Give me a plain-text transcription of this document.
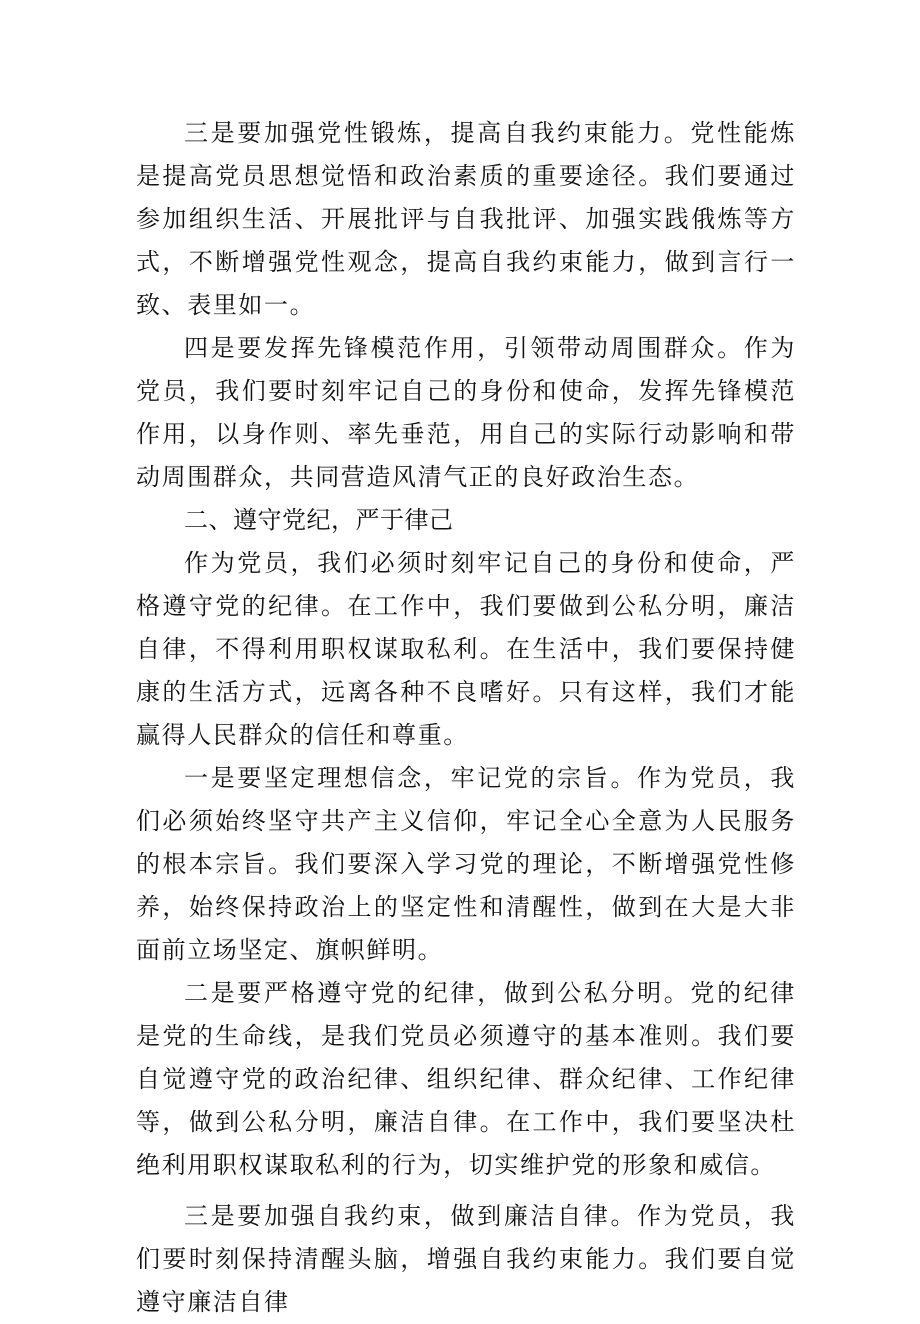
三是要加强党性锻炼，提高自我约束能力。党性能炼是提高党员思想觉悟和政治素质的重要途径。我们要通过参加组织生活、开展批评与自我批评、加强实践俄炼等方式，不断增强党性观念，提高自我约束能力，做到言行一致、表里如一。

四是要发挥先锋模范作用，引领带动周围群众。作为党员，我们要时刻牢记自己的身份和使命，发挥先锋模范作用，以身作则、率先垂范，用自己的实际行动影响和带动周围群众，共同营造风清气正的良好政治生态。

二、遵守党纪，严于律己

作为党员，我们必须时刻牢记自己的身份和使命，严格遵守党的纪律。在工作中，我们要做到公私分明，廉洁自律，不得利用职权谋取私利。在生活中，我们要保持健康的生活方式，远离各种不良嗜好。只有这样，我们才能赢得人民群众的信任和尊重。

一是要坚定理想信念，牢记党的宗旨。作为党员，我们必须始终坚守共产主义信仰，牢记全心全意为人民服务的根本宗旨。我们要深入学习党的理论，不断增强党性修养，始终保持政治上的坚定性和清醒性，做到在大是大非面前立场坚定、旗帜鲜明。

二是要严格遵守党的纪律，做到公私分明。党的纪律是党的生命线，是我们党员必须遵守的基本准则。我们要自觉遵守党的政治纪律、组织纪律、群众纪律、工作纪律等，做到公私分明，廉洁自律。在工作中，我们要坚决杜绝利用职权谋取私利的行为，切实维护党的形象和威信。

三是要加强自我约束，做到廉洁自律。作为党员，我们要时刻保持清醒头脑，增强自我约束能力。我们要自觉遵守廉洁自律
